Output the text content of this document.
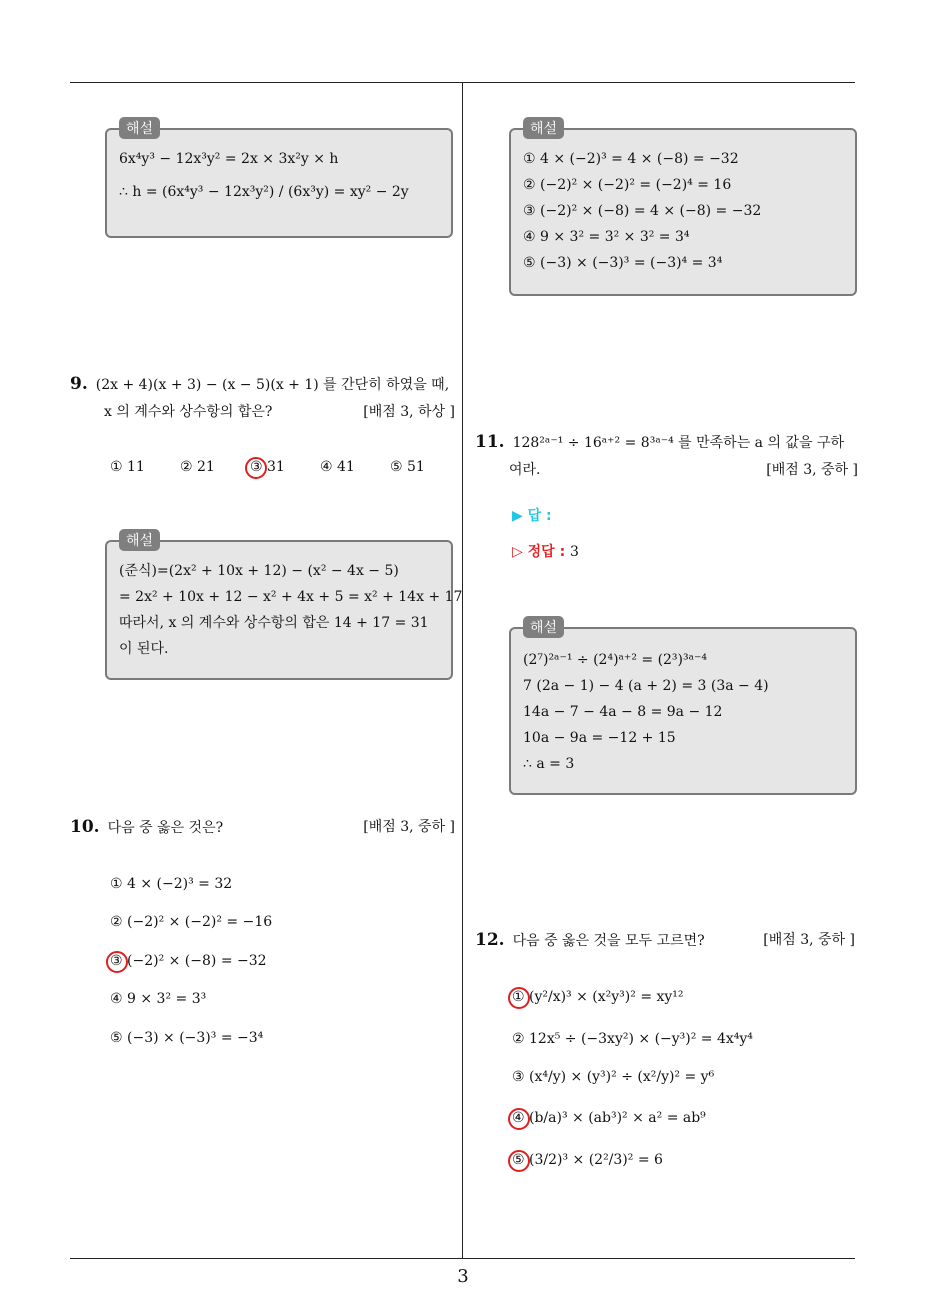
해설
6x⁴y³ − 12x³y² = 2x × 3x²y × h
∴ h = (6x⁴y³ − 12x³y²) / (6x³y) = xy² − 2y
9. (2x + 4)(x + 3) − (x − 5)(x + 1) 를 간단히 하였을 때,
x 의 계수와 상수항의 합은?	[배점 3, 하상 ]
① 11	② 21	③ 31	④ 41	⑤ 51
해설
(준식)=(2x² + 10x + 12) − (x² − 4x − 5)
= 2x² + 10x + 12 − x² + 4x + 5 = x² + 14x + 17
따라서, x 의 계수와 상수항의 합은 14 + 17 = 31
이 된다.
10. 다음 중 옳은 것은?	[배점 3, 중하 ]
① 4 × (−2)³ = 32
② (−2)² × (−2)² = −16
③ (−2)² × (−8) = −32
④ 9 × 3² = 3³
⑤ (−3) × (−3)³ = −3⁴
해설
① 4 × (−2)³ = 4 × (−8) = −32
② (−2)² × (−2)² = (−2)⁴ = 16
③ (−2)² × (−8) = 4 × (−8) = −32
④ 9 × 3² = 3² × 3² = 3⁴
⑤ (−3) × (−3)³ = (−3)⁴ = 3⁴
11. 128²ᵃ⁻¹ ÷ 16ᵃ⁺² = 8³ᵃ⁻⁴ 를 만족하는 a 의 값을 구하
여라.	[배점 3, 중하 ]
▶ 답 :
▷ 정답 : 3
해설
(2⁷)²ᵃ⁻¹ ÷ (2⁴)ᵃ⁺² = (2³)³ᵃ⁻⁴
7 (2a − 1) − 4 (a + 2) = 3 (3a − 4)
14a − 7 − 4a − 8 = 9a − 12
10a − 9a = −12 + 15
∴ a = 3
12. 다음 중 옳은 것을 모두 고르면?	[배점 3, 중하 ]
① (y²/x)³ × (x²y³)² = xy¹²
② 12x⁵ ÷ (−3xy²) × (−y³)² = 4x⁴y⁴
③ (x⁴/y) × (y³)² ÷ (x²/y)² = y⁶
④ (b/a)³ × (ab³)² × a² = ab⁹
⑤ (3/2)³ × (2²/3)² = 6
3
